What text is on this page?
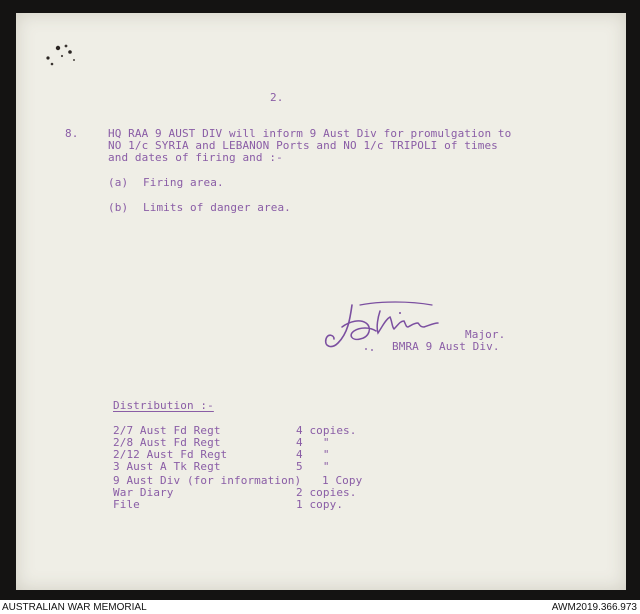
2.
8.	HQ RAA 9 AUST DIV will inform 9 Aust Div for promulgation to
NO 1/c SYRIA and LEBANON Ports and NO 1/c TRIPOLI of times
and dates of firing and :-
(a) Firing area.
(b) Limits of danger area.
Major.
BMRA 9 Aust Div.
Distribution :-
2/7 Aust Fd Regt	4 copies.
2/8 Aust Fd Regt	4   "
2/12 Aust Fd Regt	4   "
3 Aust A Tk Regt	5   "
9 Aust Div (for information) 1 Copy
War Diary	2 copies.
File	1 copy.
AUSTRALIAN WAR MEMORIAL	AWM2019.366.973
